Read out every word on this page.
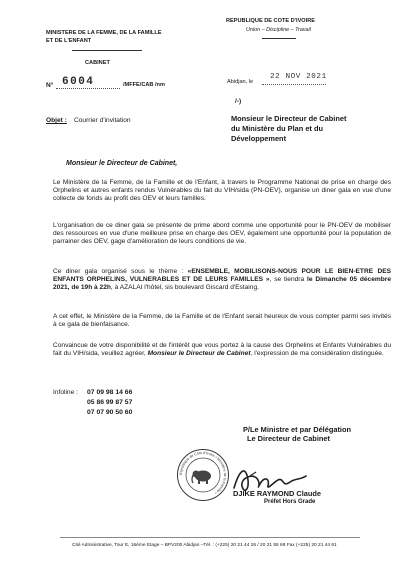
MINISTERE DE LA FEMME, DE LA FAMILLE
ET DE L'ENFANT
CABINET
N° 6004	/MFFE/CAB /nm
REPUBLIQUE DE COTE D'IVOIRE
Union – Discipline – Travail
Abidjan, le
22 NOV 2021
/-)
Monsieur le Directeur de Cabinet
du Ministère du Plan et du
Développement
Objet : Courrier d'invitation
Monsieur le Directeur de Cabinet,
Le Ministère de la Femme, de la Famille et de l'Enfant, à travers le Programme National de prise en charge des Orphelins et autres enfants rendus Vulnérables du fait du VIH/sida (PN-OEV), organise un diner gala en vue d'une collecte de fonds au profit des OEV et leurs familles.
L'organisation de ce diner gala se présente de prime abord comme une opportunité pour le PN-OEV de mobiliser des ressources en vue d'une meilleure prise en charge des OEV, également une opportunité pour la population de parrainer des OEV, gage d'amélioration de leurs conditions de vie.
Ce diner gala organisé sous le thème : «ENSEMBLE, MOBILISONS-NOUS POUR LE BIEN-ETRE DES ENFANTS ORPHELINS, VULNERABLES ET DE LEURS FAMILLES », se tiendra le Dimanche 05 décembre 2021, de 19h à 22h, à AZALAI l'hôtel, sis boulevard Giscard d'Estaing.
A cet effet, le Ministère de la Femme, de la Famille et de l'Enfant serait heureux de vous compter parmi ses invités à ce gala de bienfaisance.
Convaincue de votre disponibilité et de l'intérêt que vous portez à la cause des Orphelins et Enfants Vulnérables du fait du VIH/sida, veuillez agréer, Monsieur le Directeur de Cabinet, l'expression de ma considération distinguée.
Infoline : 07 09 98 14 66
05 86 99 87 57
07 07 90 50 60
P/Le Ministre et par Délégation
Le Directeur de Cabinet
République de Côte d'Ivoire • Ministère de la Famille •	DJIKE RAYMOND Claude
Préfet Hors Grade
Cité Administrative, Tour E, 16ème Etage – BPV200 Abidjan –Tél. : (+225) 20 21 44 26 / 20 21 55 68 Fax (+225) 20 21 44 61
